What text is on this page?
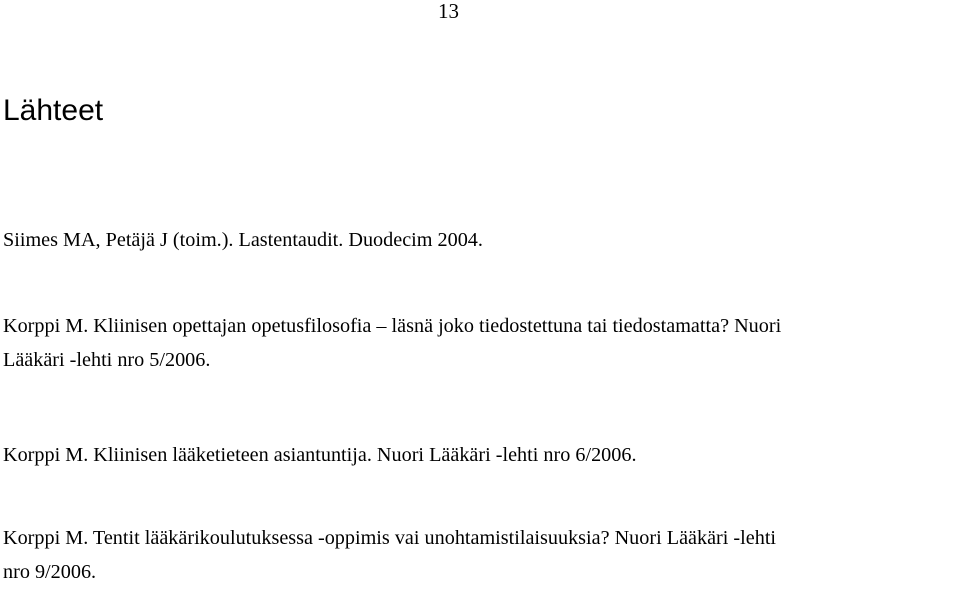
13
Lähteet

Siimes MA, Petäjä J (toim.). Lastentaudit. Duodecim 2004.

Korppi M. Kliinisen opettajan opetusfilosofia – läsnä joko tiedostettuna tai tiedostamatta? Nuori
Lääkäri -lehti nro 5/2006.

Korppi M. Kliinisen lääketieteen asiantuntija. Nuori Lääkäri -lehti nro 6/2006.

Korppi M. Tentit lääkärikoulutuksessa -oppimis vai unohtamistilaisuuksia? Nuori Lääkäri -lehti
nro 9/2006.
